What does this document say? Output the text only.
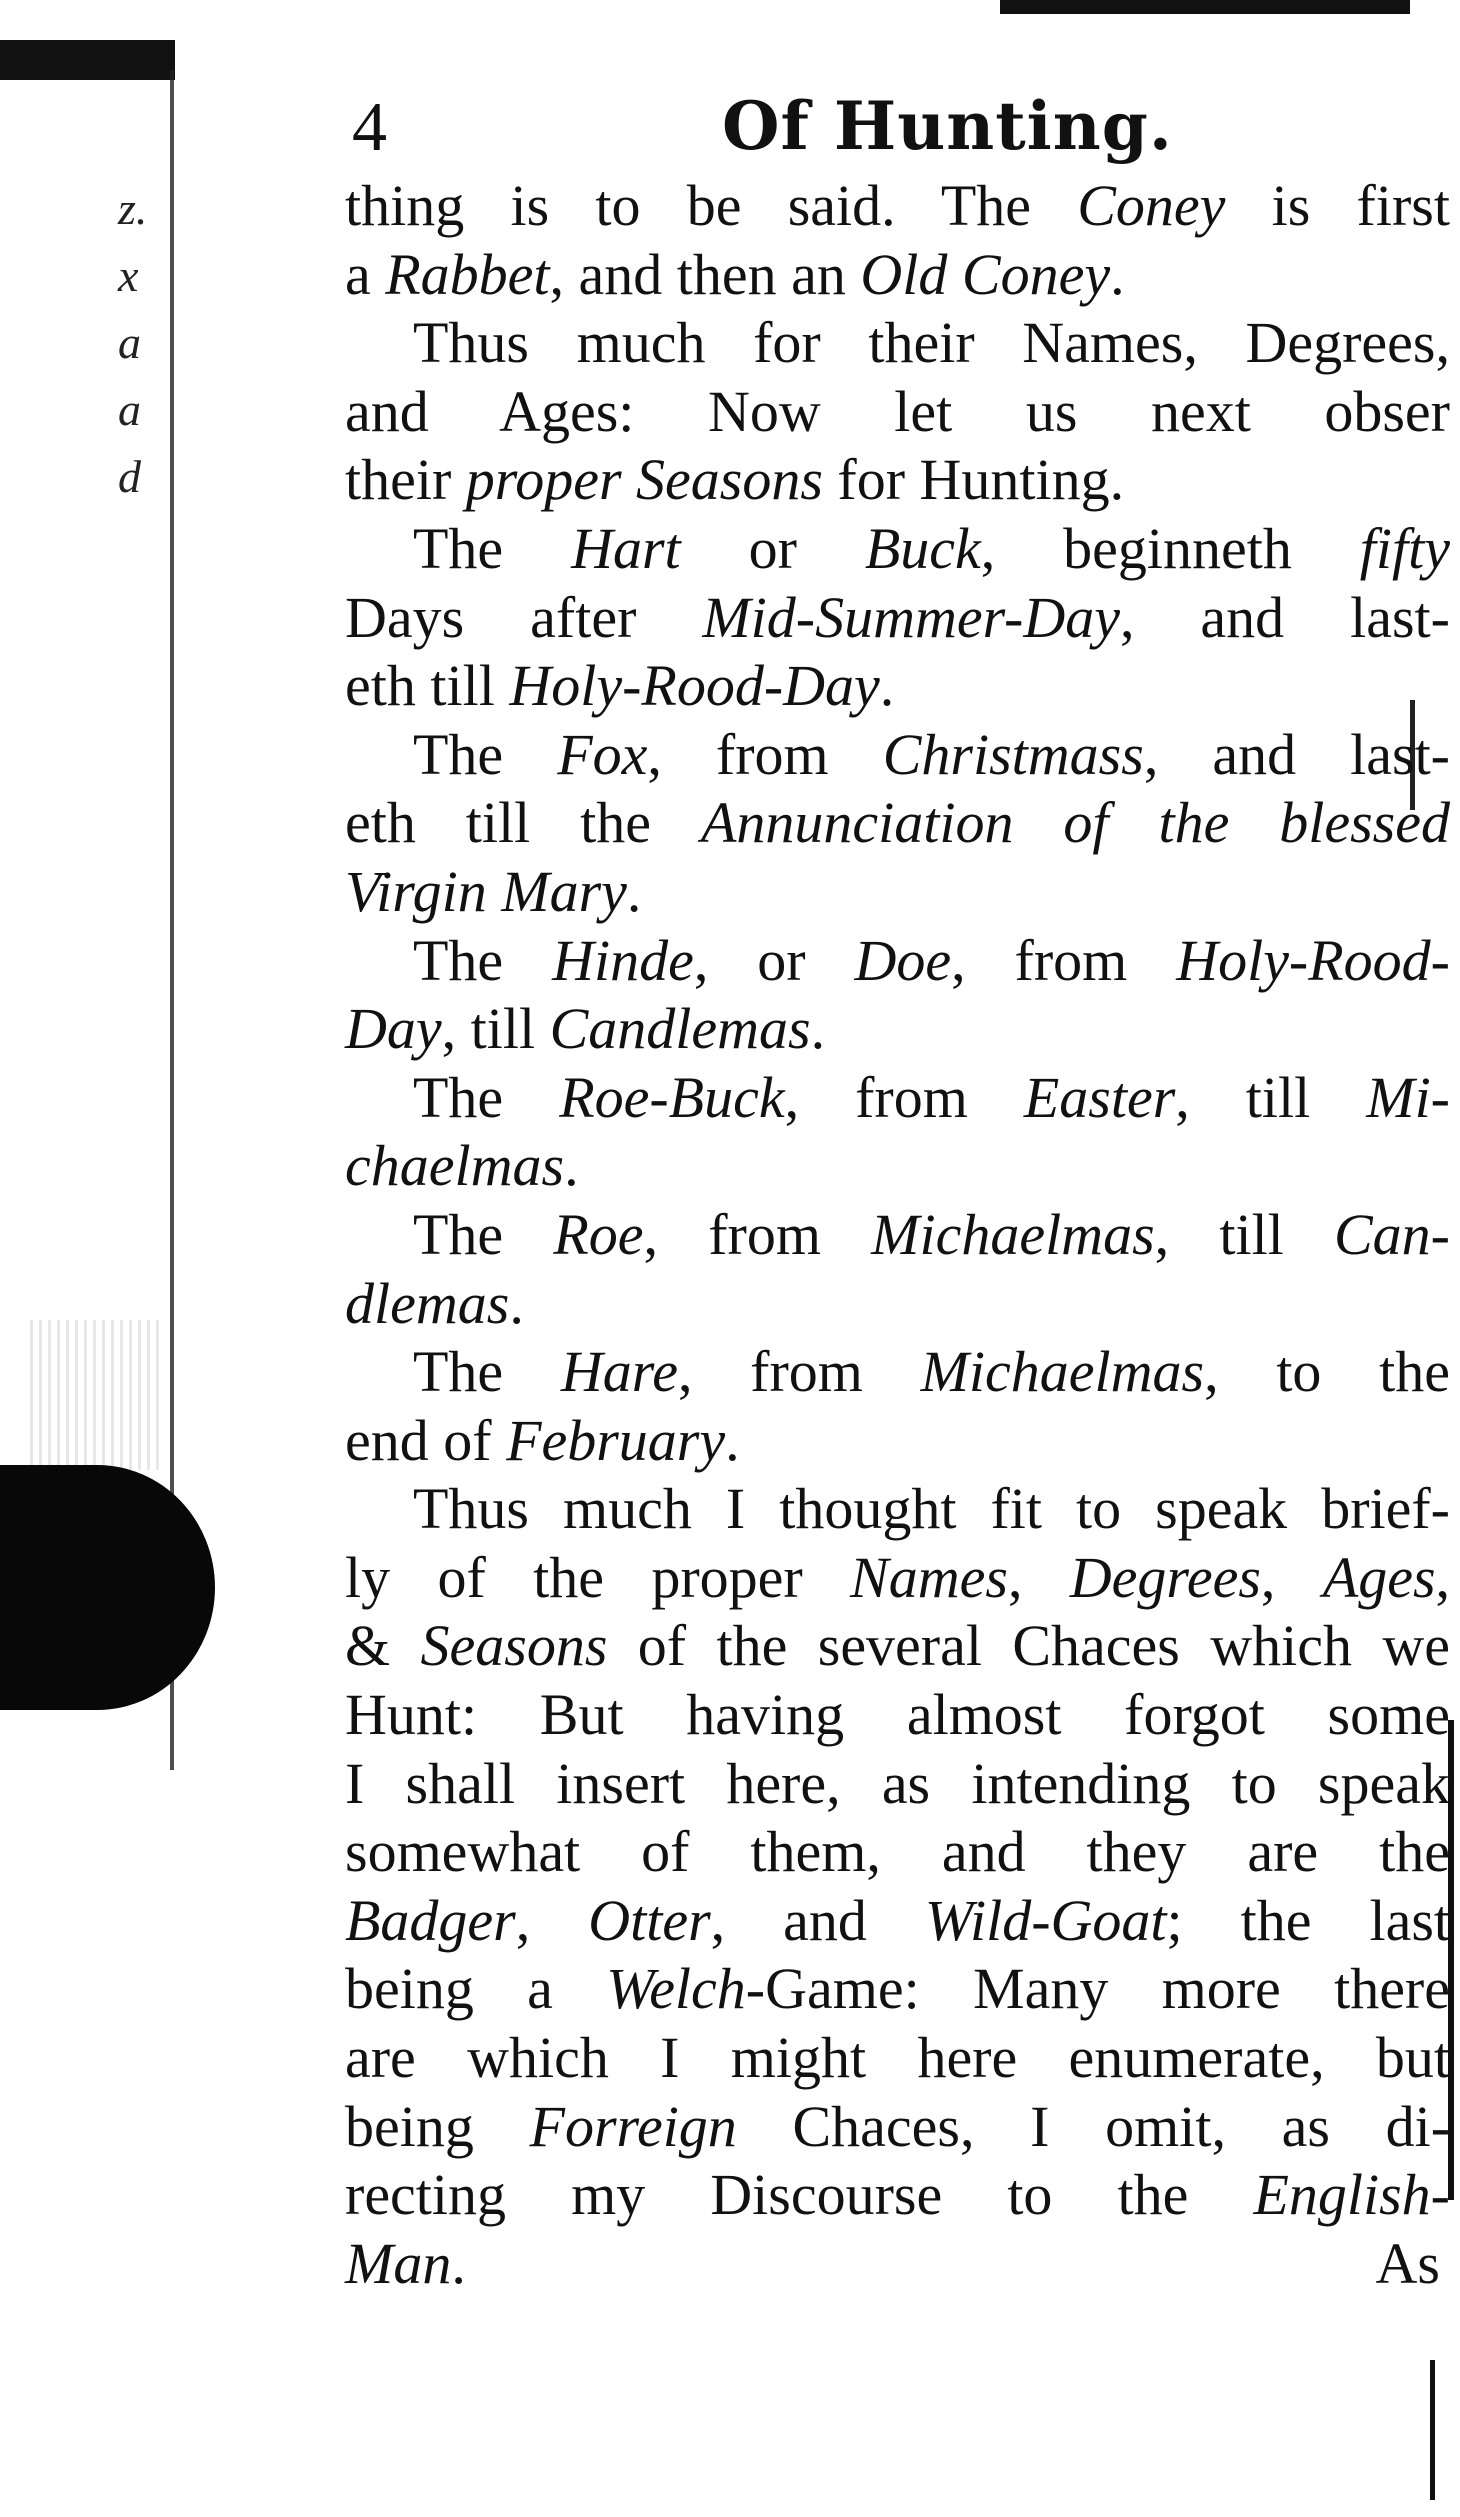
z.
x
a
a
d
4	Of Hunting.
thing is to be said. The Coney is first
a Rabbet, and then an Old Coney.
Thus much for their Names, Degrees,
and Ages: Now let us next obser
their proper Seasons for Hunting.
The Hart or Buck, beginneth fifty
Days after Mid-Summer-Day, and last-
eth till Holy-Rood-Day.
The Fox, from Christmass, and last-
eth till the Annunciation of the blessed
Virgin Mary.
The Hinde, or Doe, from Holy-Rood-
Day, till Candlemas.
The Roe-Buck, from Easter, till Mi-
chaelmas.
The Roe, from Michaelmas, till Can-
dlemas.
The Hare, from Michaelmas, to the
end of February.
Thus much I thought fit to speak brief-
ly of the proper Names, Degrees, Ages,
& Seasons of the several Chaces which we
Hunt: But having almost forgot some
I shall insert here, as intending to speak
somewhat of them, and they are the
Badger, Otter, and Wild-Goat; the last
being a Welch-Game: Many more there
are which I might here enumerate, but
being Forreign Chaces, I omit, as di-
recting my Discourse to the English-
Man.	As
